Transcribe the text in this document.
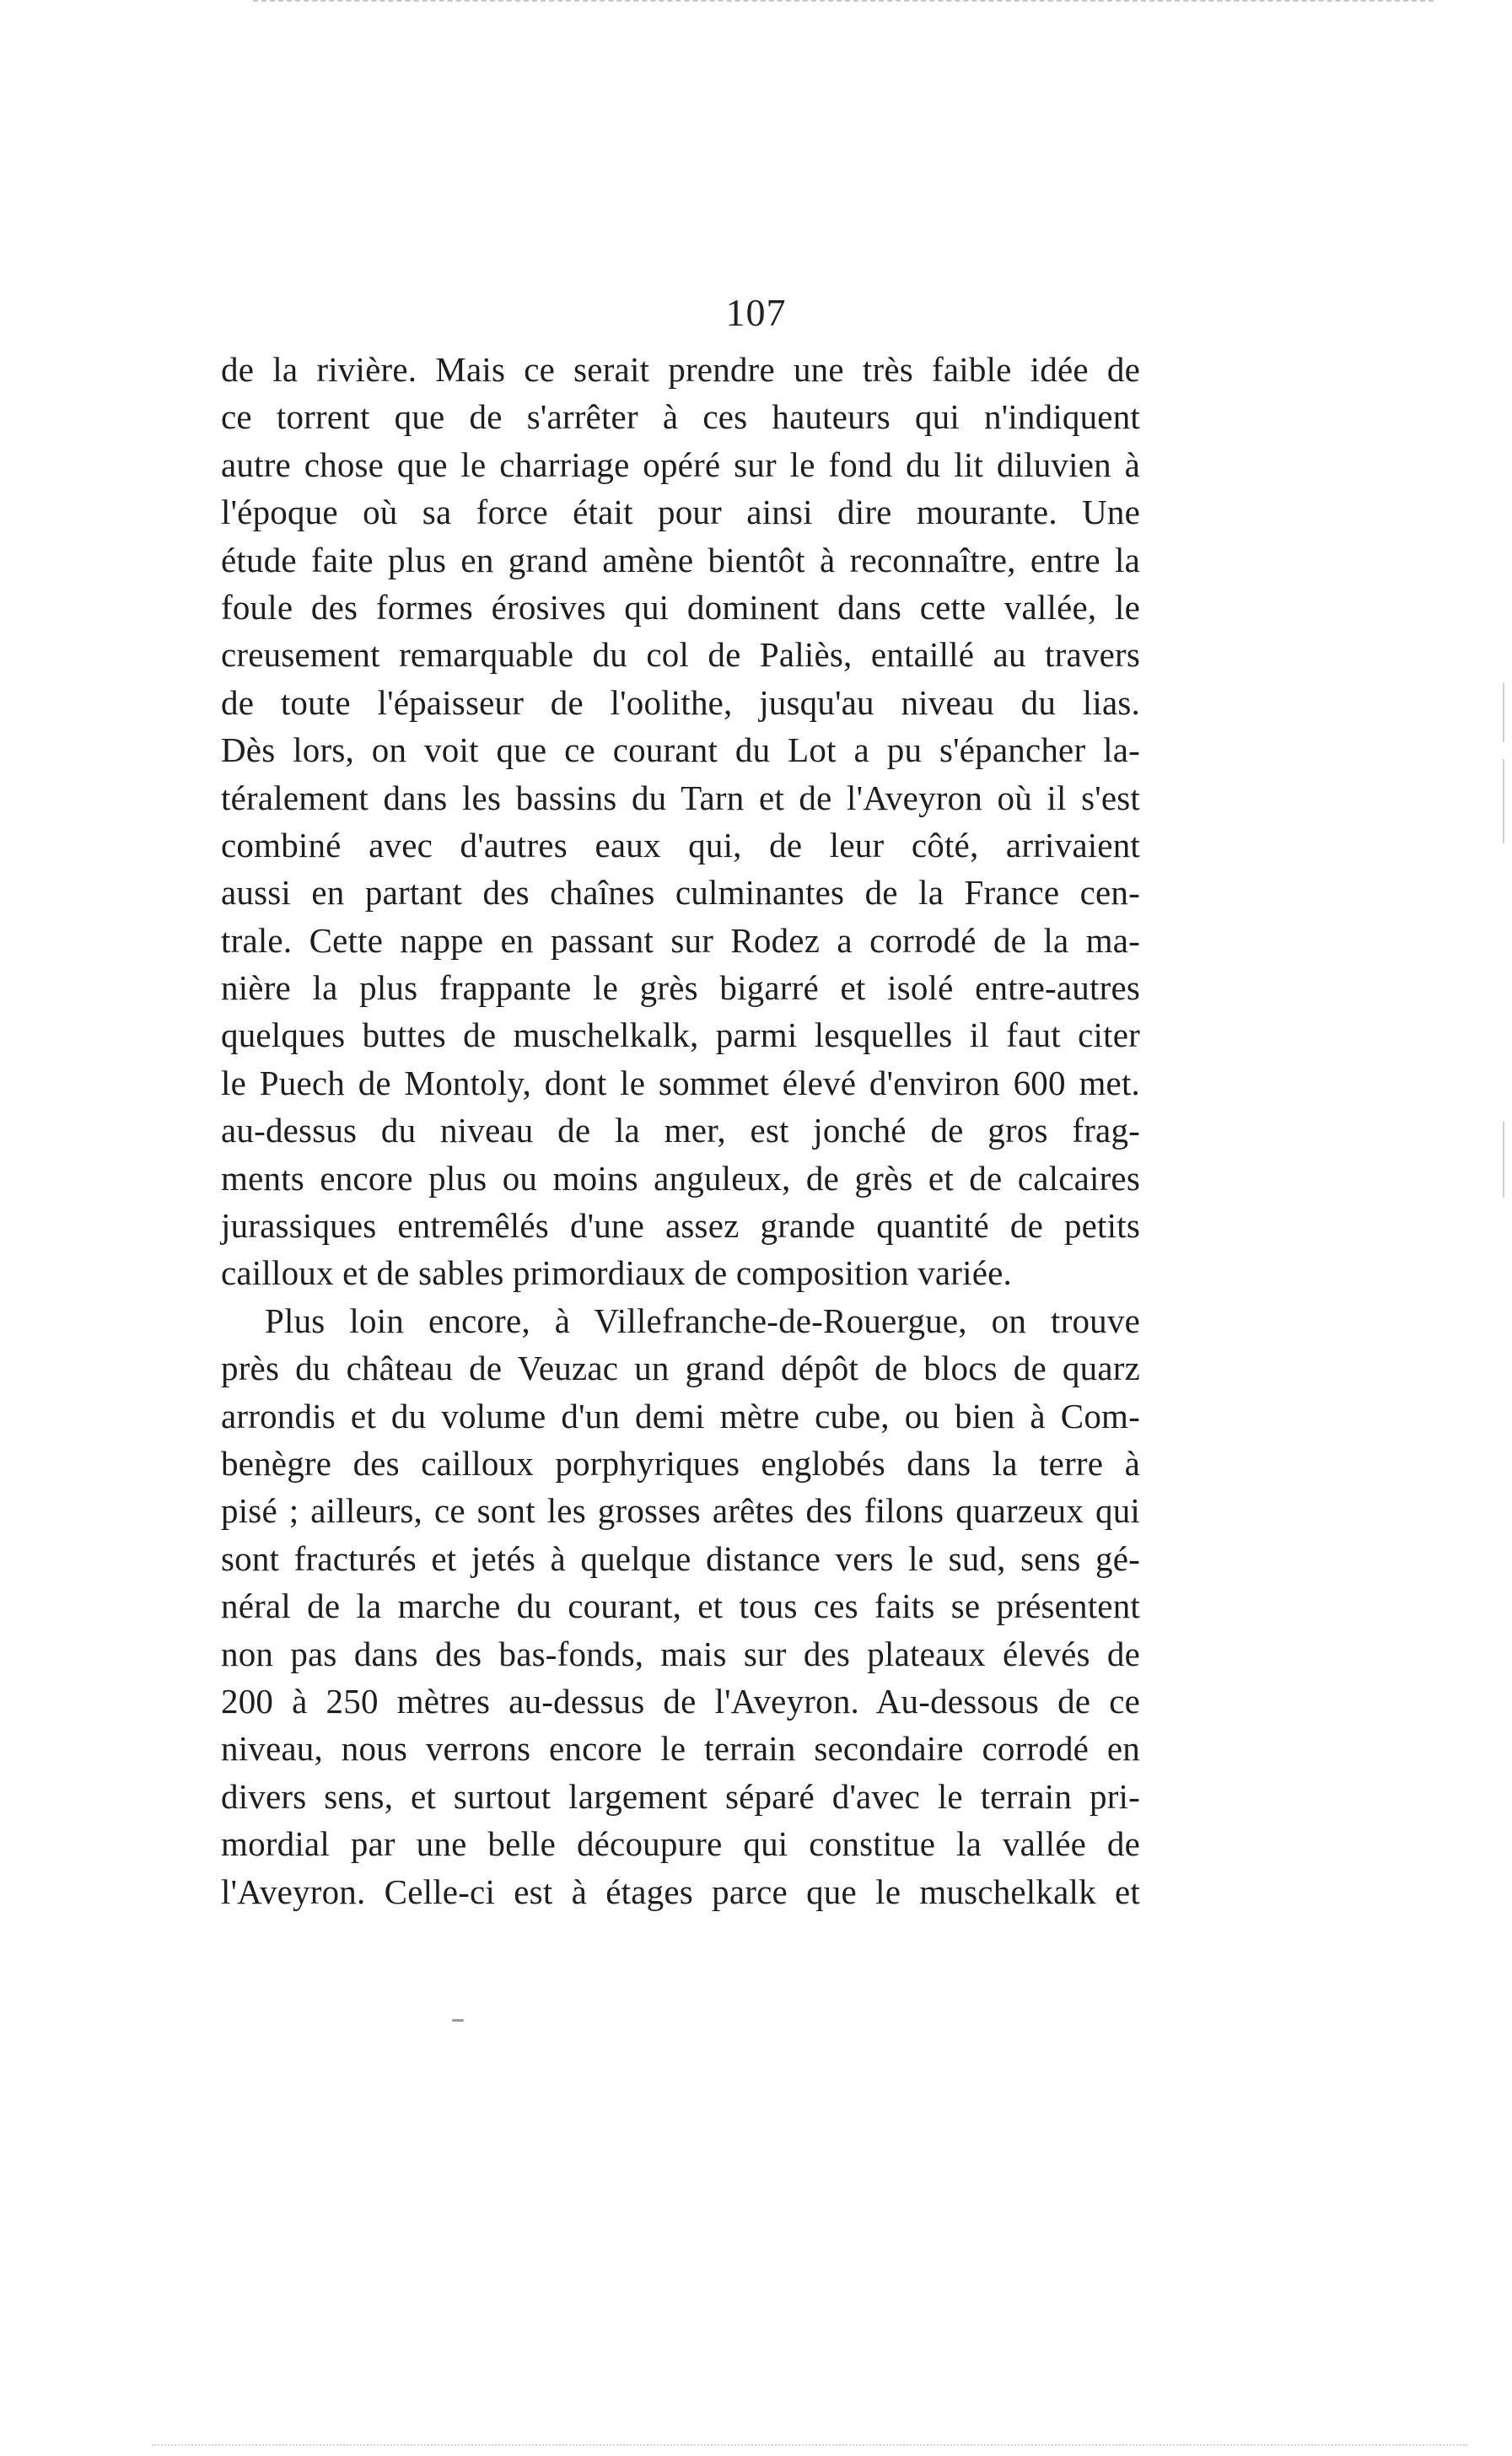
107
de la rivière. Mais ce serait prendre une très faible idée de
ce torrent que de s'arrêter à ces hauteurs qui n'indiquent
autre chose que le charriage opéré sur le fond du lit diluvien à
l'époque où sa force était pour ainsi dire mourante. Une
étude faite plus en grand amène bientôt à reconnaître, entre la
foule des formes érosives qui dominent dans cette vallée, le
creusement remarquable du col de Paliès, entaillé au travers
de toute l'épaisseur de l'oolithe, jusqu'au niveau du lias.
Dès lors, on voit que ce courant du Lot a pu s'épancher la-
téralement dans les bassins du Tarn et de l'Aveyron où il s'est
combiné avec d'autres eaux qui, de leur côté, arrivaient
aussi en partant des chaînes culminantes de la France cen-
trale. Cette nappe en passant sur Rodez a corrodé de la ma-
nière la plus frappante le grès bigarré et isolé entre-autres
quelques buttes de muschelkalk, parmi lesquelles il faut citer
le Puech de Montoly, dont le sommet élevé d'environ 600 met.
au-dessus du niveau de la mer, est jonché de gros frag-
ments encore plus ou moins anguleux, de grès et de calcaires
jurassiques entremêlés d'une assez grande quantité de petits
cailloux et de sables primordiaux de composition variée.
Plus loin encore, à Villefranche-de-Rouergue, on trouve
près du château de Veuzac un grand dépôt de blocs de quarz
arrondis et du volume d'un demi mètre cube, ou bien à Com-
benègre des cailloux porphyriques englobés dans la terre à
pisé ; ailleurs, ce sont les grosses arêtes des filons quarzeux qui
sont fracturés et jetés à quelque distance vers le sud, sens gé-
néral de la marche du courant, et tous ces faits se présentent
non pas dans des bas-fonds, mais sur des plateaux élevés de
200 à 250 mètres au-dessus de l'Aveyron. Au-dessous de ce
niveau, nous verrons encore le terrain secondaire corrodé en
divers sens, et surtout largement séparé d'avec le terrain pri-
mordial par une belle découpure qui constitue la vallée de
l'Aveyron. Celle-ci est à étages parce que le muschelkalk et
